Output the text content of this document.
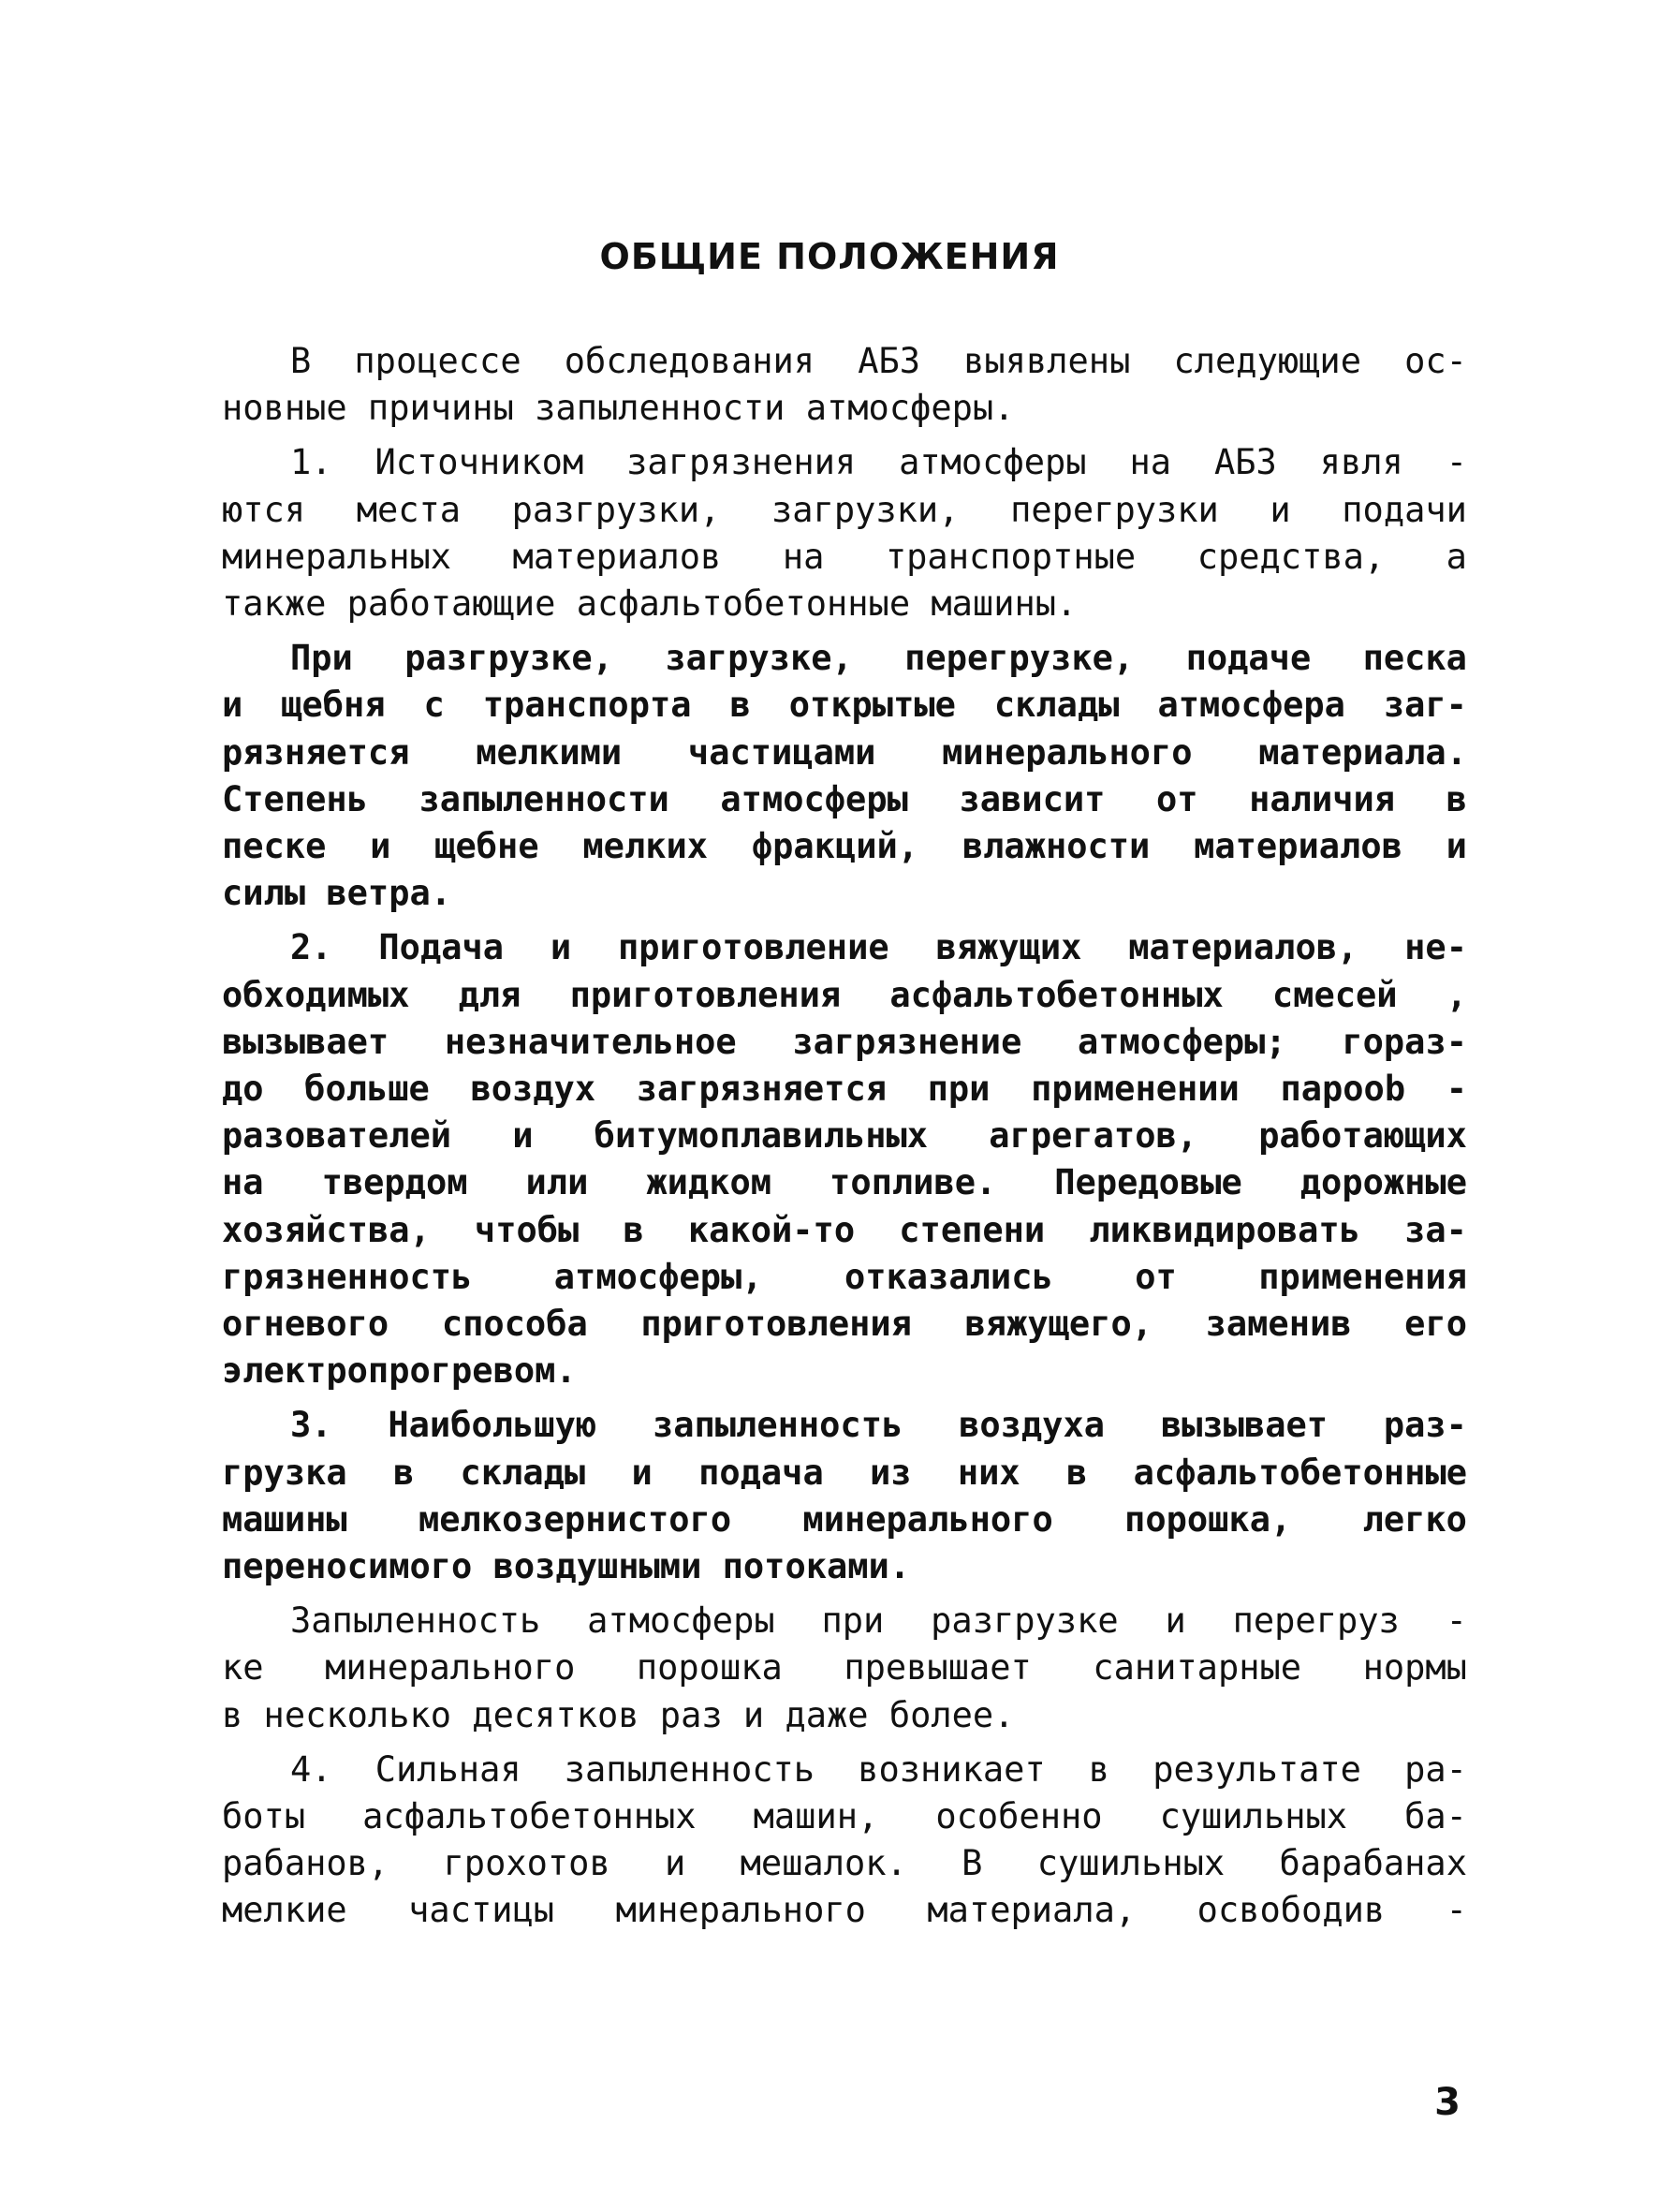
ОБЩИЕ ПОЛОЖЕНИЯ
В процессе обследования АБЗ выявлены следующие ос-
новные причины запыленности атмосферы.
1. Источником загрязнения атмосферы на АБЗ явля -
ются места разгрузки, загрузки, перегрузки и подачи
минеральных материалов на транспортные средства, а
также работающие асфальтобетонные машины.
При разгрузке, загрузке, перегрузке, подаче песка
и щебня с транспорта в открытые склады атмосфера заг-
рязняется мелкими частицами минерального материала.
Степень запыленности атмосферы зависит от наличия в
песке и щебне мелких фракций, влажности материалов и
силы ветра.
2. Подача и приготовление вяжущих материалов, не-
обходимых для приготовления асфальтобетонных смесей ,
вызывает незначительное загрязнение атмосферы; гораз-
до больше воздух загрязняется при применении пароob -
разователей и битумоплавильных агрегатов, работающих
на твердом или жидком топливе. Передовые дорожные
хозяйства, чтобы в какой-то степени ликвидировать за-
грязненность атмосферы, отказались от применения
огневого способа приготовления вяжущего, заменив его
электропрогревом.
3. Наибольшую запыленность воздуха вызывает раз-
грузка в склады и подача из них в асфальтобетонные
машины мелкозернистого минерального порошка, легко
переносимого воздушными потоками.
Запыленность атмосферы при разгрузке и перегруз -
ке минерального порошка превышает санитарные нормы
в несколько десятков раз и даже более.
4. Сильная запыленность возникает в результате ра-
боты асфальтобетонных машин, особенно сушильных ба-
рабанов, грохотов и мешалок. В сушильных барабанах
мелкие частицы минерального материала, освободив -
3
